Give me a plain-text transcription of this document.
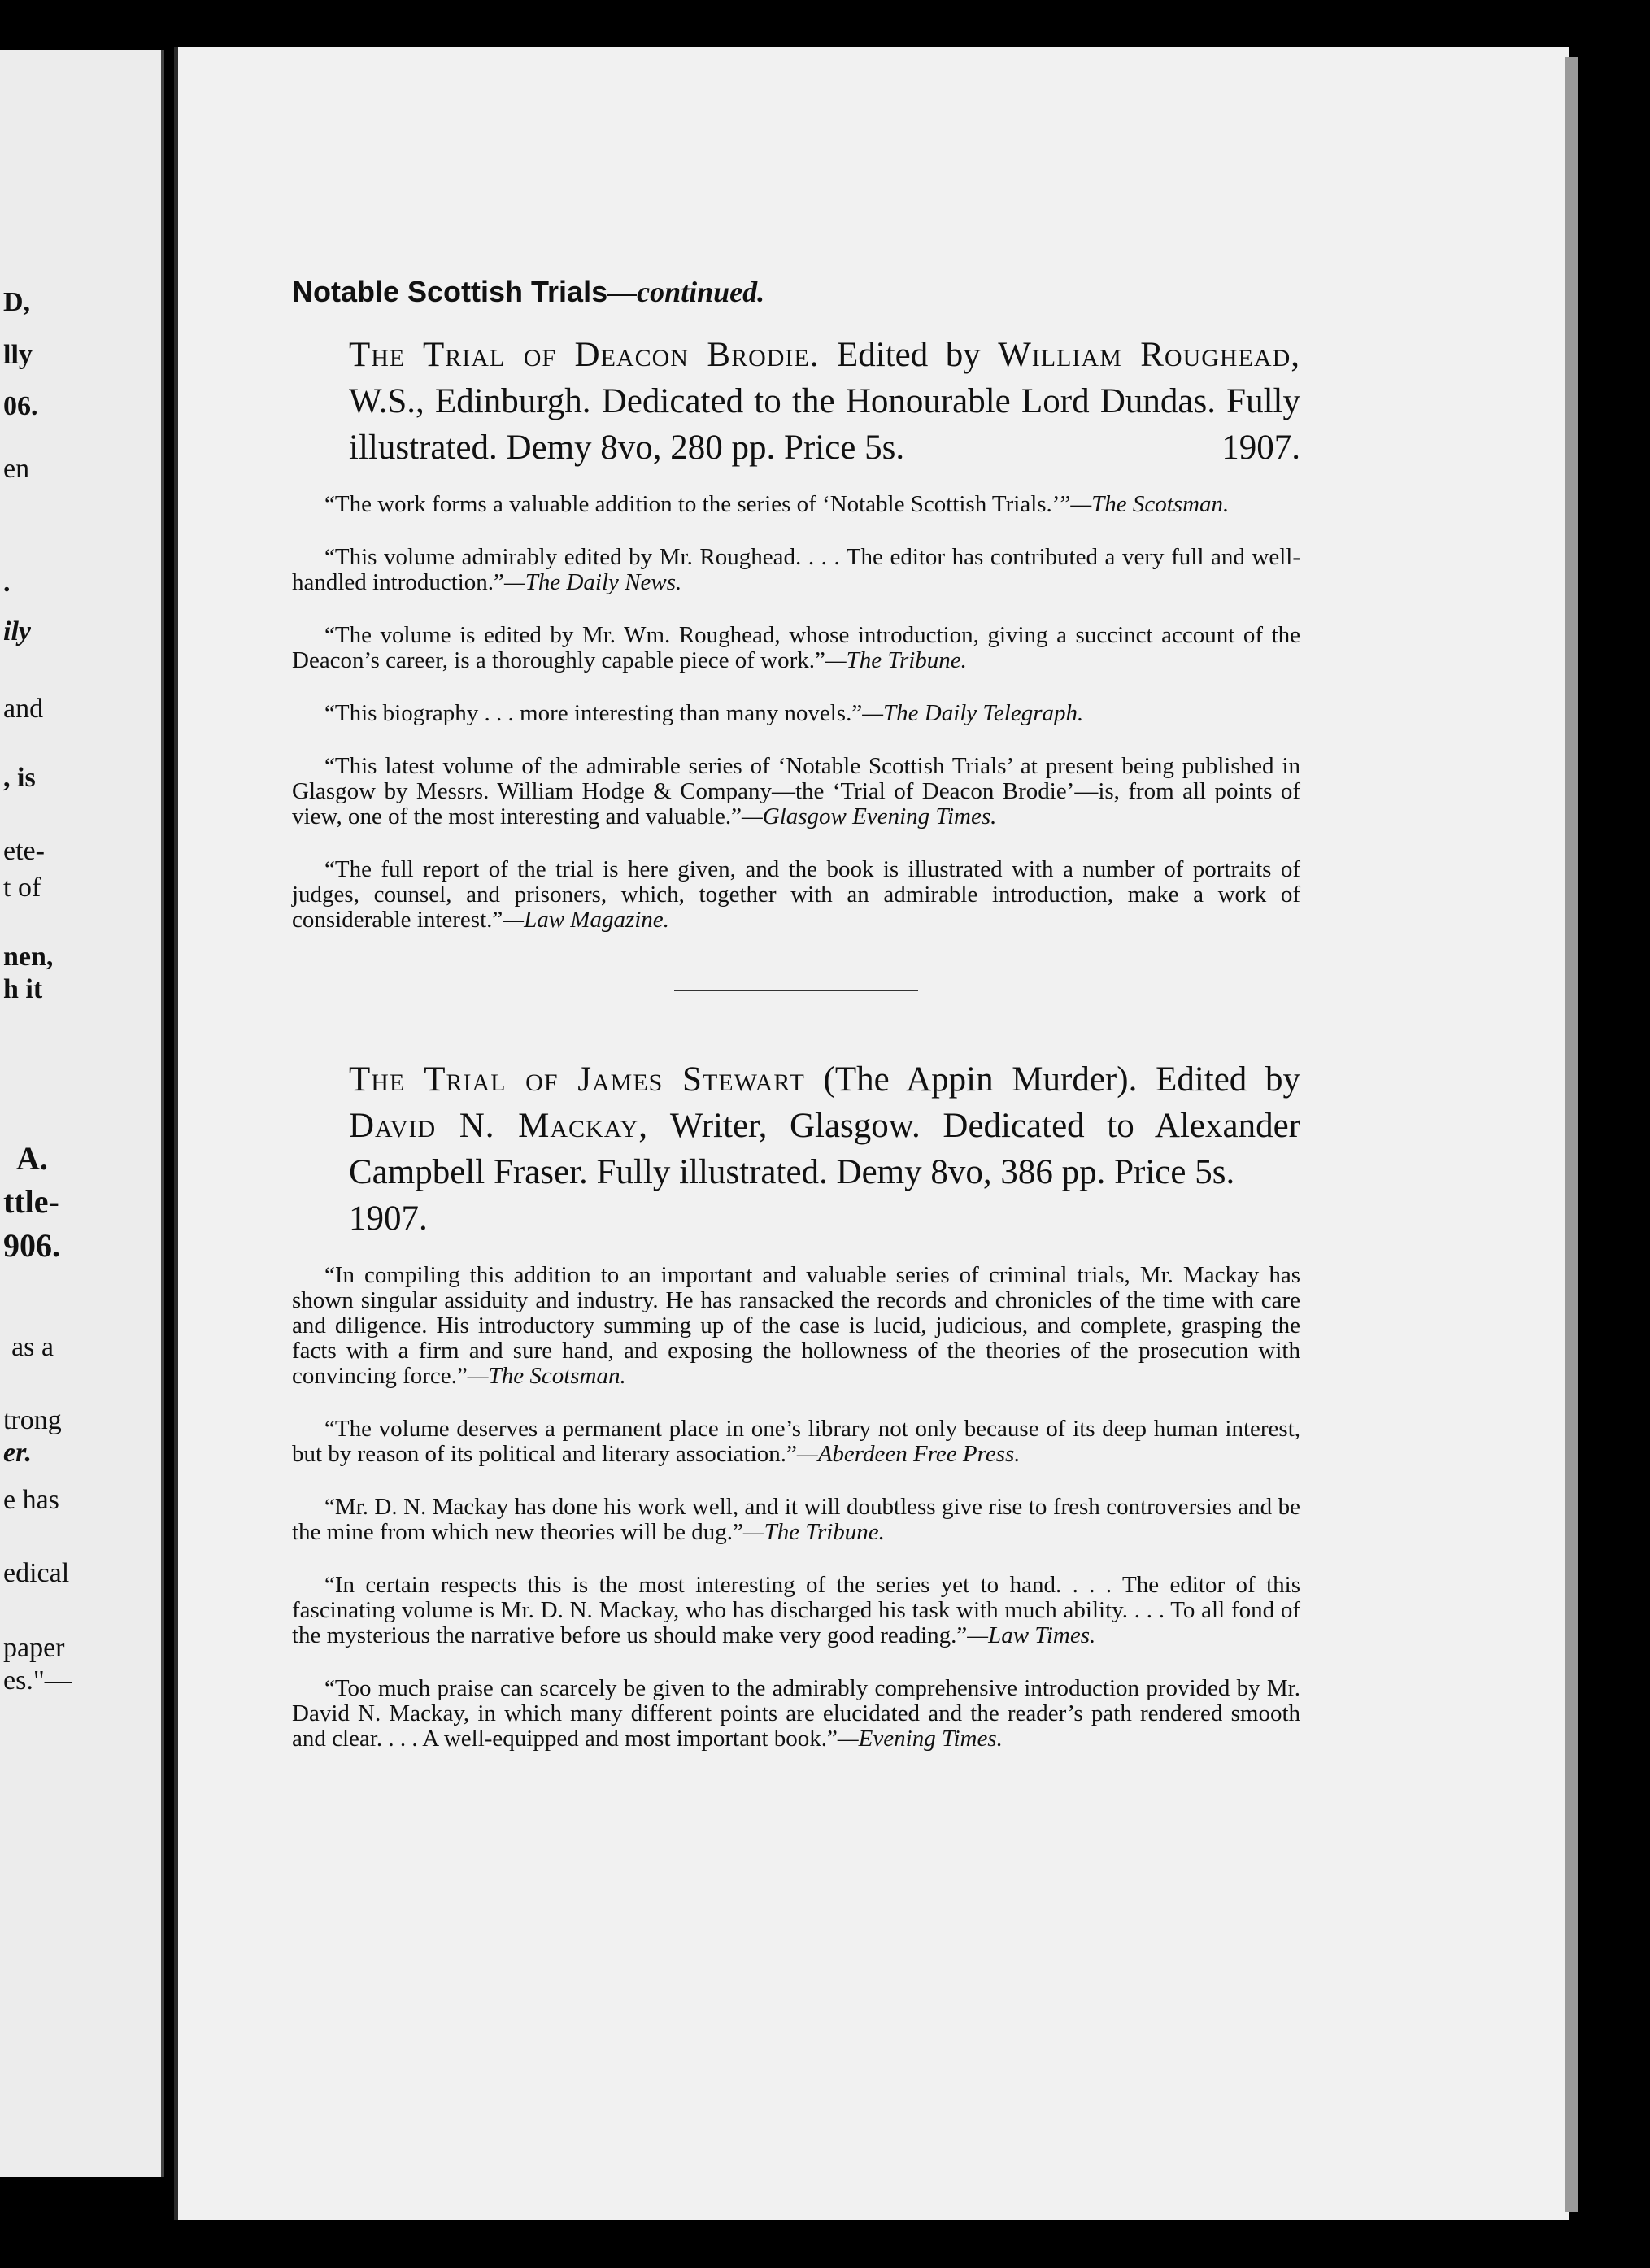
D,
lly
06.
en
.
ily
and
, is
ete-
t of
nen,
h it
A.
ttle-
906.
as a
trong
er.
e has
edical
paper
es."—
Notable Scottish Trials—continued.
The Trial of Deacon Brodie. Edited by William Roughead, W.S., Edinburgh. Dedicated to the Honourable Lord Dundas. Fully illustrated. Demy 8vo, 280 pp. Price 5s.	1907.

“The work forms a valuable addition to the series of ‘Notable Scottish Trials.’”—The Scotsman.

“This volume admirably edited by Mr. Roughead. . . . The editor has contributed a very full and well-handled introduction.”—The Daily News.

“The volume is edited by Mr. Wm. Roughead, whose introduction, giving a succinct account of the Deacon’s career, is a thoroughly capable piece of work.”—The Tribune.

“This biography . . . more interesting than many novels.”—The Daily Telegraph.

“This latest volume of the admirable series of ‘Notable Scottish Trials’ at present being published in Glasgow by Messrs. William Hodge & Company—the ‘Trial of Deacon Brodie’—is, from all points of view, one of the most interesting and valuable.”—Glasgow Evening Times.

“The full report of the trial is here given, and the book is illustrated with a number of portraits of judges, counsel, and prisoners, which, together with an admirable introduction, make a work of considerable interest.”—Law Magazine.

The Trial of James Stewart (The Appin Murder). Edited by David N. Mackay, Writer, Glasgow. Dedicated to Alexander Campbell Fraser. Fully illustrated. Demy 8vo, 386 pp. Price 5s.
1907.

“In compiling this addition to an important and valuable series of criminal trials, Mr. Mackay has shown singular assiduity and industry. He has ransacked the records and chronicles of the time with care and diligence. His introductory summing up of the case is lucid, judicious, and complete, grasping the facts with a firm and sure hand, and exposing the hollowness of the theories of the prosecution with convincing force.”—The Scotsman.

“The volume deserves a permanent place in one’s library not only because of its deep human interest, but by reason of its political and literary association.”—Aberdeen Free Press.

“Mr. D. N. Mackay has done his work well, and it will doubtless give rise to fresh controversies and be the mine from which new theories will be dug.”—The Tribune.

“In certain respects this is the most interesting of the series yet to hand. . . . The editor of this fascinating volume is Mr. D. N. Mackay, who has discharged his task with much ability. . . . To all fond of the mysterious the narrative before us should make very good reading.”—Law Times.

“Too much praise can scarcely be given to the admirably comprehensive introduction provided by Mr. David N. Mackay, in which many different points are elucidated and the reader’s path rendered smooth and clear. . . . A well-equipped and most important book.”—Evening Times.
